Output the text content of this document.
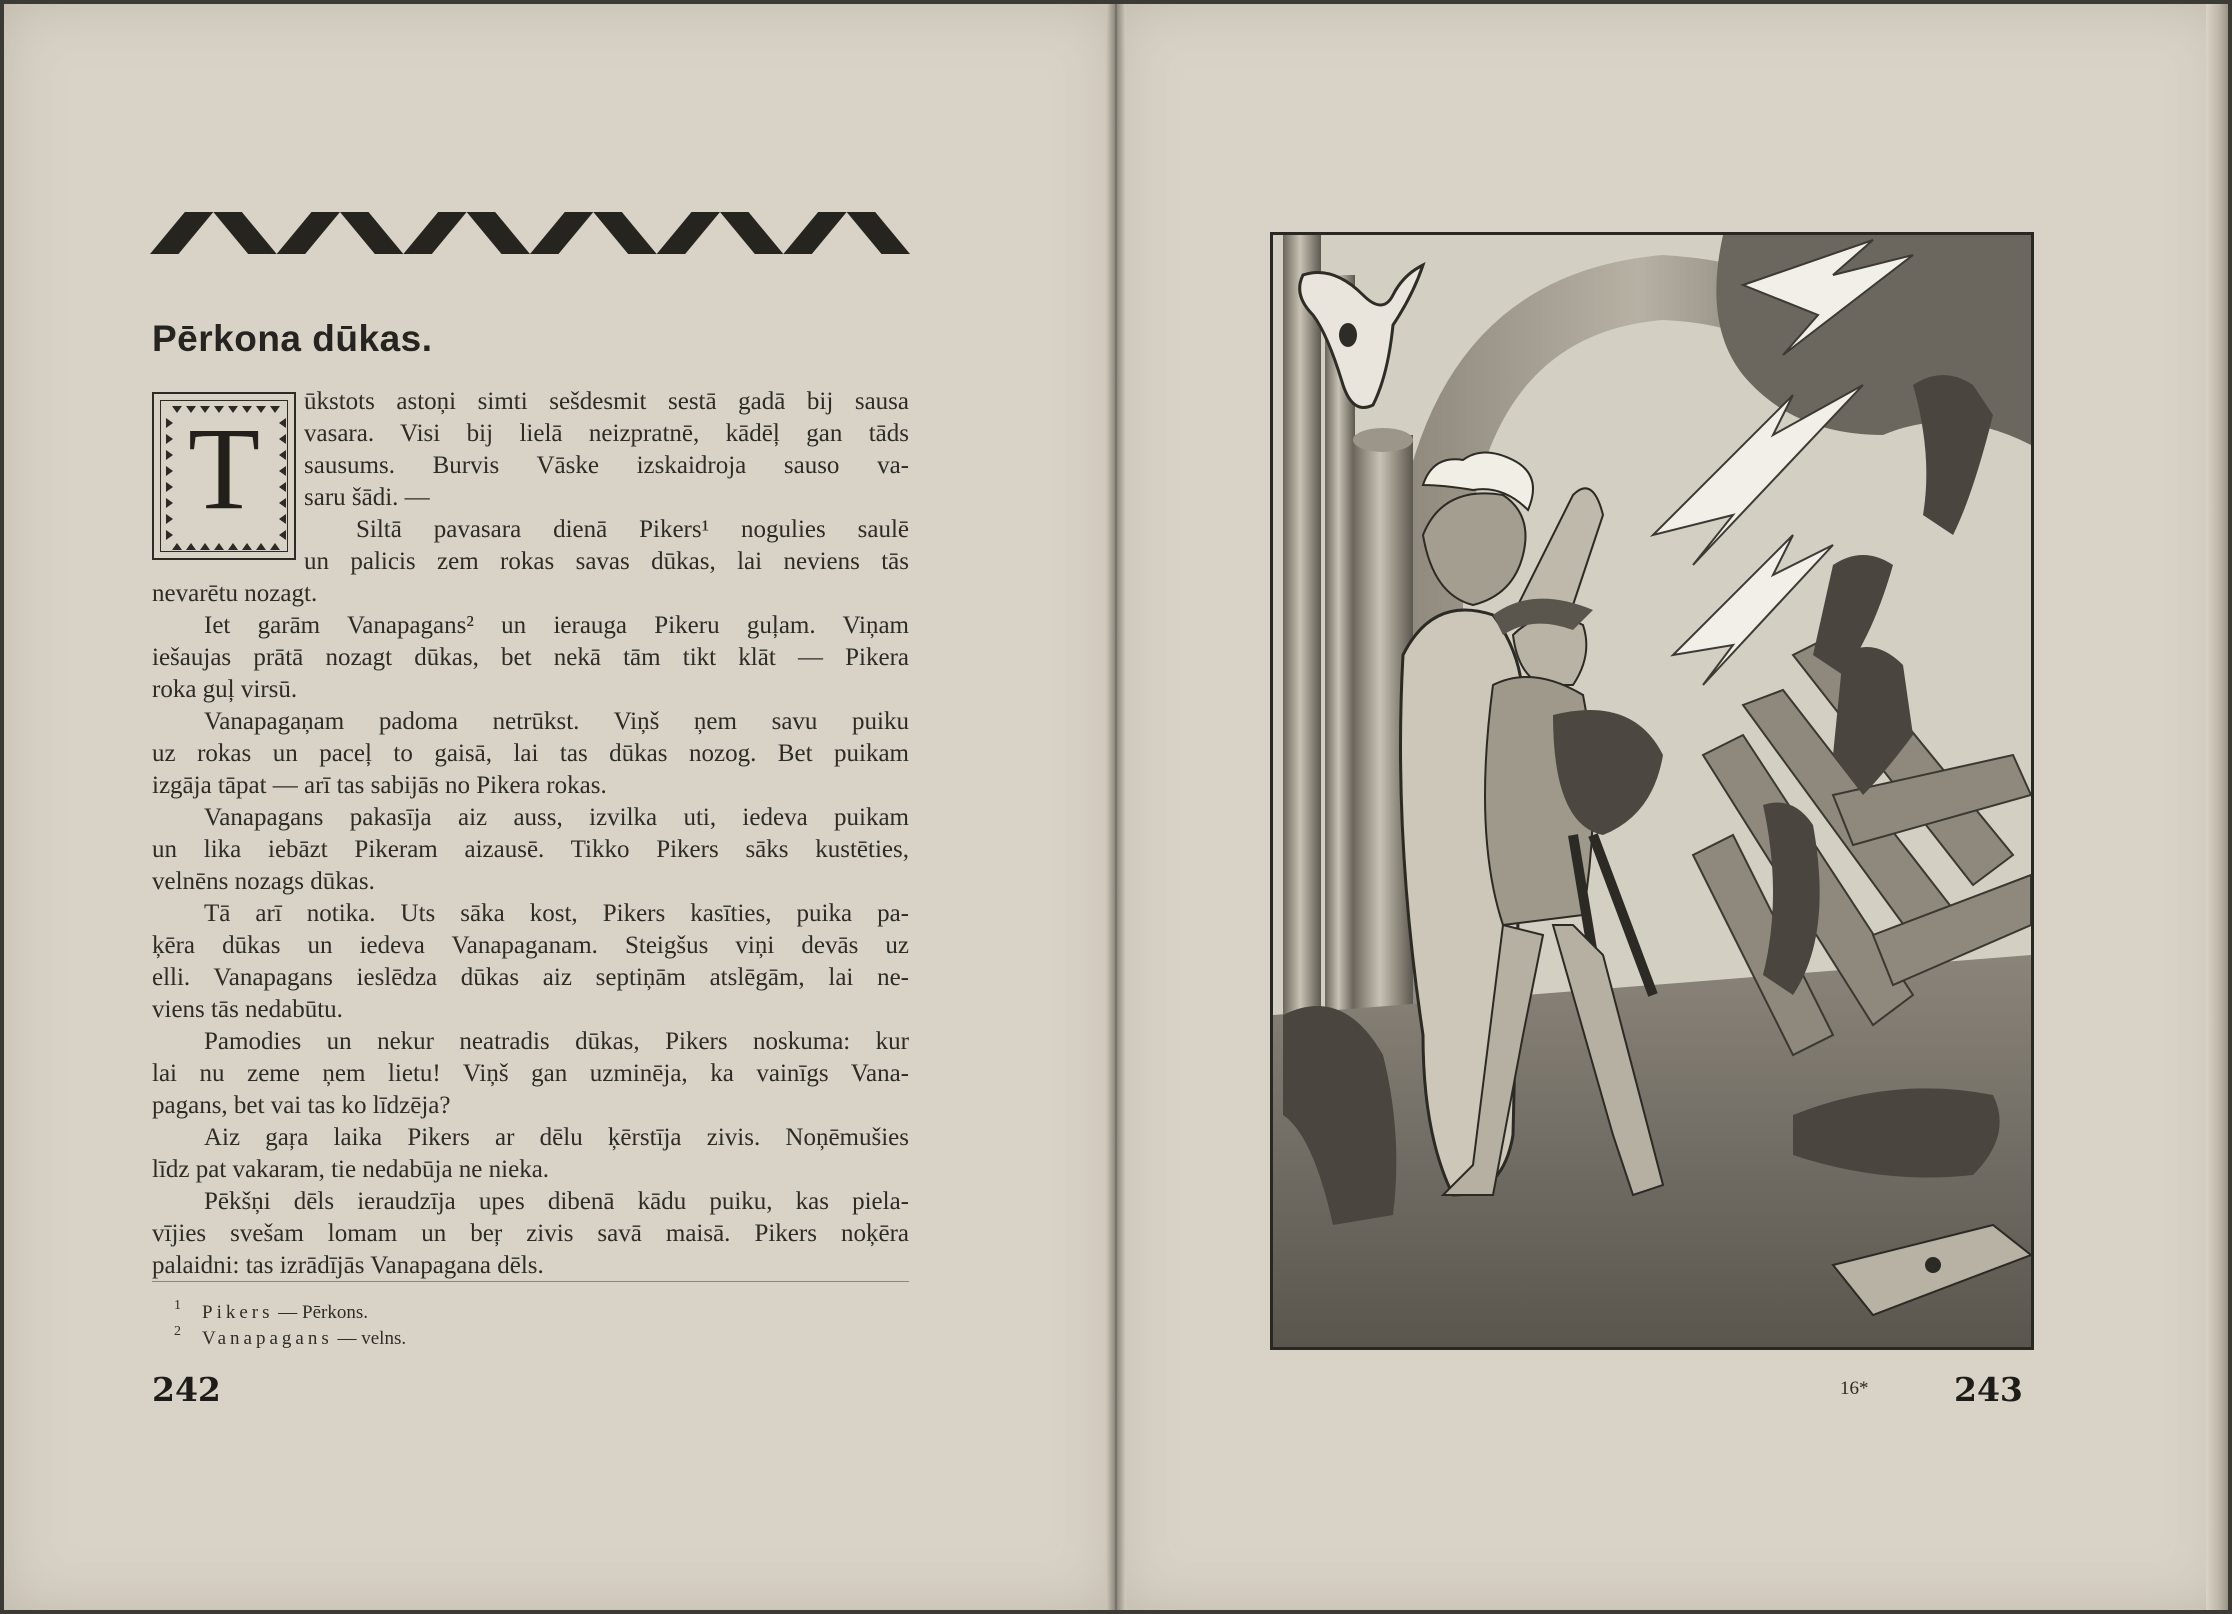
Pērkona dūkas.
T
ūkstots astoņi simti sešdesmit sestā gadā bij sausa
vasara. Visi bij lielā neizpratnē, kādēļ gan tāds
sausums. Burvis Vāske izskaidroja sauso va-
saru šādi. —
Siltā pavasara dienā Pikers¹ nogulies saulē
un palicis zem rokas savas dūkas, lai neviens tās
nevarētu nozagt.
Iet garām Vanapagans² un ierauga Pikeru guļam. Viņam
iešaujas prātā nozagt dūkas, bet nekā tām tikt klāt — Pikera
roka guļ virsū.
Vanapagaņam padoma netrūkst. Viņš ņem savu puiku
uz rokas un paceļ to gaisā, lai tas dūkas nozog. Bet puikam
izgāja tāpat — arī tas sabijās no Pikera rokas.
Vanapagans pakasīja aiz auss, izvilka uti, iedeva puikam
un lika iebāzt Pikeram aizausē. Tikko Pikers sāks kustēties,
velnēns nozags dūkas.
Tā arī notika. Uts sāka kost, Pikers kasīties, puika pa-
ķēra dūkas un iedeva Vanapaganam. Steigšus viņi devās uz
elli. Vanapagans ieslēdza dūkas aiz septiņām atslēgām, lai ne-
viens tās nedabūtu.
Pamodies un nekur neatradis dūkas, Pikers noskuma: kur
lai nu zeme ņem lietu! Viņš gan uzminēja, ka vainīgs Vana-
pagans, bet vai tas ko līdzēja?
Aiz gaŗa laika Pikers ar dēlu ķērstīja zivis. Noņēmušies
līdz pat vakaram, tie nedabūja ne nieka.
Pēkšņi dēls ieraudzīja upes dibenā kādu puiku, kas piela-
vījies svešam lomam un beŗ zivis savā maisā. Pikers noķēra
palaidni: tas izrādījās Vanapagana dēls.
1 Pikers — Pērkons.
2 Vanapagans — velns.
242	16*	243
